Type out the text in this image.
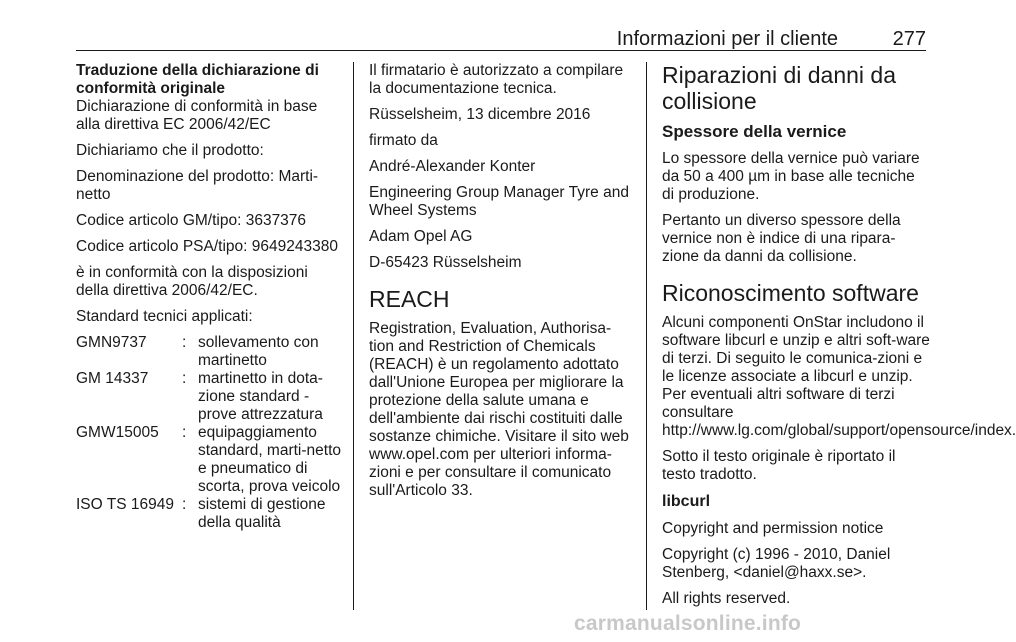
Informazioni per il cliente	277
Traduzione della dichiarazione di conformità originale
Dichiarazione di conformità in base alla direttiva EC 2006/42/EC
Dichiariamo che il prodotto:
Denominazione del prodotto: Marti-netto
Codice articolo GM/tipo: 3637376
Codice articolo PSA/tipo: 9649243380
è in conformità con la disposizioni della direttiva 2006/42/EC.
Standard tecnici applicati:
GMN9737	:	sollevamento con martinetto
GM 14337	:	martinetto in dota-zione standard - prove attrezzatura
GMW15005	:	equipaggiamento standard, marti-netto e pneumatico di scorta, prova veicolo
ISO TS 16949	:	sistemi di gestione della qualità
Il firmatario è autorizzato a compilare la documentazione tecnica.
Rüsselsheim, 13 dicembre 2016
firmato da
André-Alexander Konter
Engineering Group Manager Tyre and Wheel Systems
Adam Opel AG
D-65423 Rüsselsheim
REACH
Registration, Evaluation, Authorisa-tion and Restriction of Chemicals (REACH) è un regolamento adottato dall'Unione Europea per migliorare la protezione della salute umana e dell'ambiente dai rischi costituiti dalle sostanze chimiche. Visitare il sito web www.opel.com per ulteriori informa-zioni e per consultare il comunicato sull'Articolo 33.
Riparazioni di danni da collisione
Spessore della vernice
Lo spessore della vernice può variare da 50 a 400 µm in base alle tecniche di produzione.
Pertanto un diverso spessore della vernice non è indice di una ripara-zione da danni da collisione.
Riconoscimento software
Alcuni componenti OnStar includono il software libcurl e unzip e altri soft-ware di terzi. Di seguito le comunica-zioni e le licenze associate a libcurl e unzip. Per eventuali altri software di terzi consultare http://www.lg.com/global/support/opensource/index.
Sotto il testo originale è riportato il testo tradotto.
libcurl
Copyright and permission notice
Copyright (c) 1996 - 2010, Daniel Stenberg, <daniel@haxx.se>.
All rights reserved.
carmanualsonline.info
